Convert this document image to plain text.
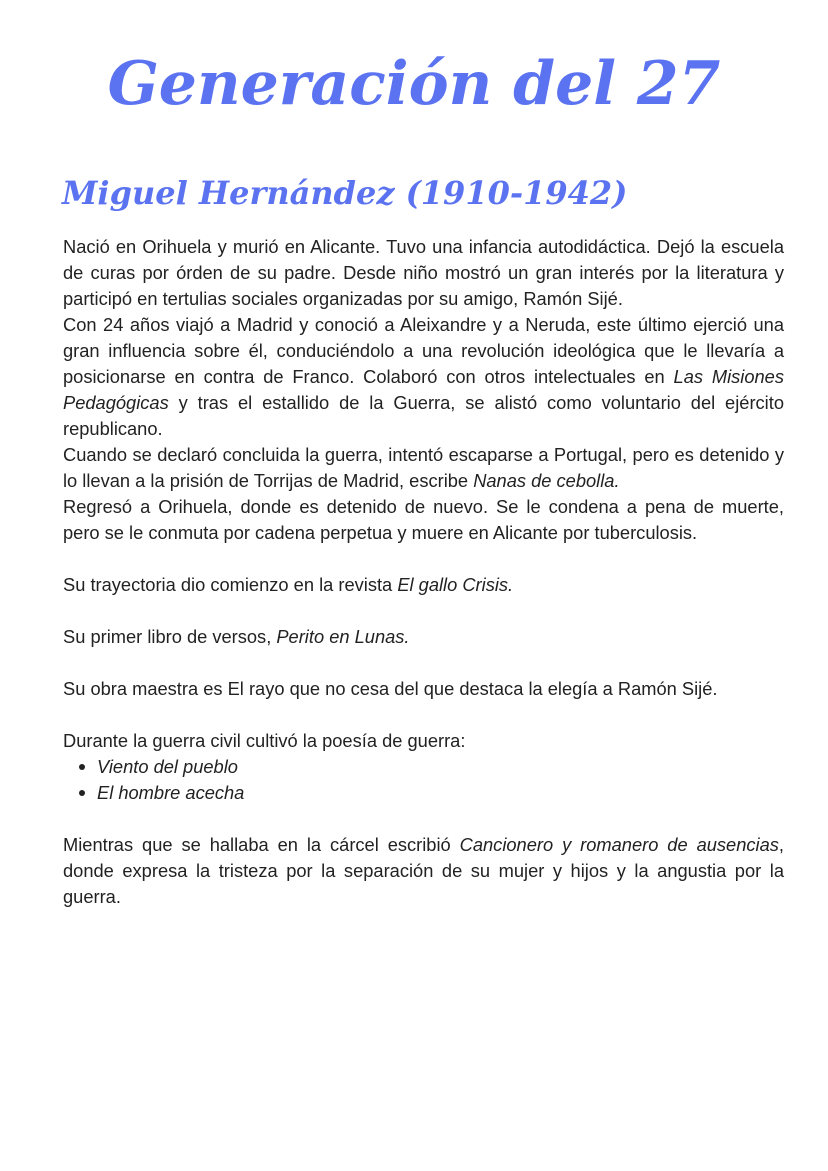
Generación del 27
Miguel Hernández (1910-1942)

Nació en Orihuela y murió en Alicante. Tuvo una infancia autodidáctica. Dejó la escuela de curas por órden de su padre. Desde niño mostró un gran interés por la literatura y participó en tertulias sociales organizadas por su amigo, Ramón Sijé.

Con 24 años viajó a Madrid y conoció a Aleixandre y a Neruda, este último ejerció una gran influencia sobre él, conduciéndolo a una revolución ideológica que le llevaría a posicionarse en contra de Franco. Colaboró con otros intelectuales en Las Misiones Pedagógicas y tras el estallido de la Guerra, se alistó como voluntario del ejército republicano.

Cuando se declaró concluida la guerra, intentó escaparse a Portugal, pero es detenido y lo llevan a la prisión de Torrijas de Madrid, escribe Nanas de cebolla.

Regresó a Orihuela, donde es detenido de nuevo. Se le condena a pena de muerte, pero se le conmuta por cadena perpetua y muere en Alicante por tuberculosis.

Su trayectoria dio comienzo en la revista El gallo Crisis.

Su primer libro de versos, Perito en Lunas.

Su obra maestra es El rayo que no cesa del que destaca la elegía a Ramón Sijé.

Durante la guerra civil cultivó la poesía de guerra:

Viento del pueblo
El hombre acecha

Mientras que se hallaba en la cárcel escribió Cancionero y romanero de ausencias, donde expresa la tristeza por la separación de su mujer y hijos y la angustia por la guerra.
